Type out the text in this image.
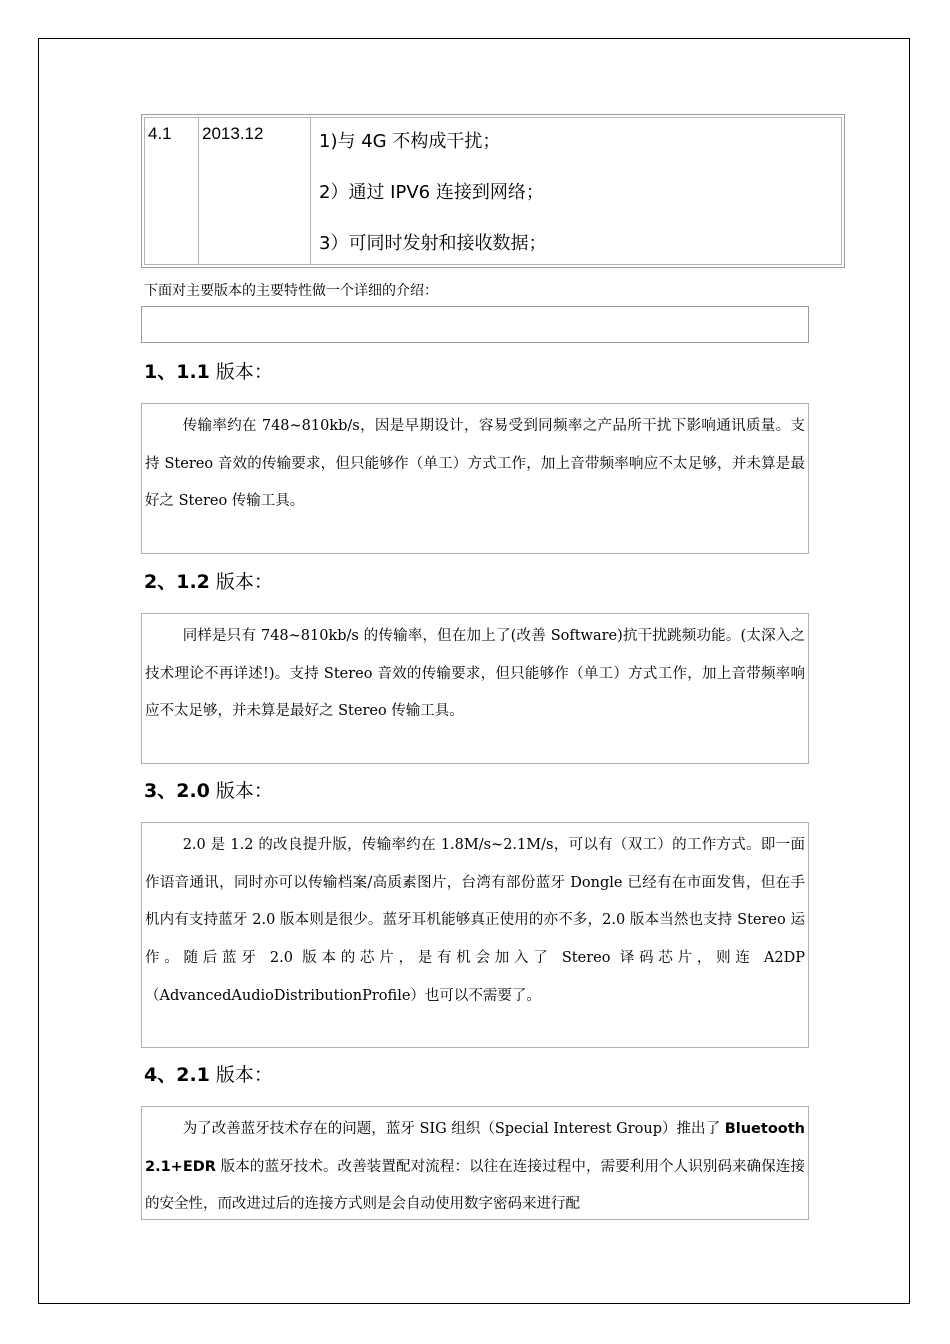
4.1	2013.12	1)与 4G 不构成干扰；
2）通过 IPV6 连接到网络；
3）可同时发射和接收数据；
下面对主要版本的主要特性做一个详细的介绍：
1、1.1 版本：

传输率约在 748~810kb/s，因是早期设计，容易受到同频率之产品所干扰下影响通讯质量。支持 Stereo 音效的传输要求，但只能够作（单工）方式工作，加上音带频率响应不太足够，并未算是最好之 Stereo 传输工具。

2、1.2 版本：

同样是只有 748~810kb/s 的传输率，但在加上了(改善 Software)抗干扰跳频功能。(太深入之技术理论不再详述!)。支持 Stereo 音效的传输要求，但只能够作（单工）方式工作，加上音带频率响应不太足够，并未算是最好之 Stereo 传输工具。

3、2.0 版本：

2.0 是 1.2 的改良提升版，传输率约在 1.8M/s~2.1M/s，可以有（双工）的工作方式。即一面作语音通讯，同时亦可以传输档案/高质素图片，台湾有部份蓝牙 Dongle 已经有在市面发售，但在手机内有支持蓝牙 2.0 版本则是很少。蓝牙耳机能够真正使用的亦不多，2.0 版本当然也支持 Stereo 运作。随后蓝牙 2.0 版本的芯片，是有机会加入了 Stereo 译码芯片，则连 A2DP（AdvancedAudioDistributionProfile）也可以不需要了。

4、2.1 版本：

为了改善蓝牙技术存在的问题，蓝牙 SIG 组织（Special Interest Group）推出了 Bluetooth 2.1+EDR 版本的蓝牙技术。改善装置配对流程：以往在连接过程中，需要利用个人识别码来确保连接的安全性，而改进过后的连接方式则是会自动使用数字密码来进行配
